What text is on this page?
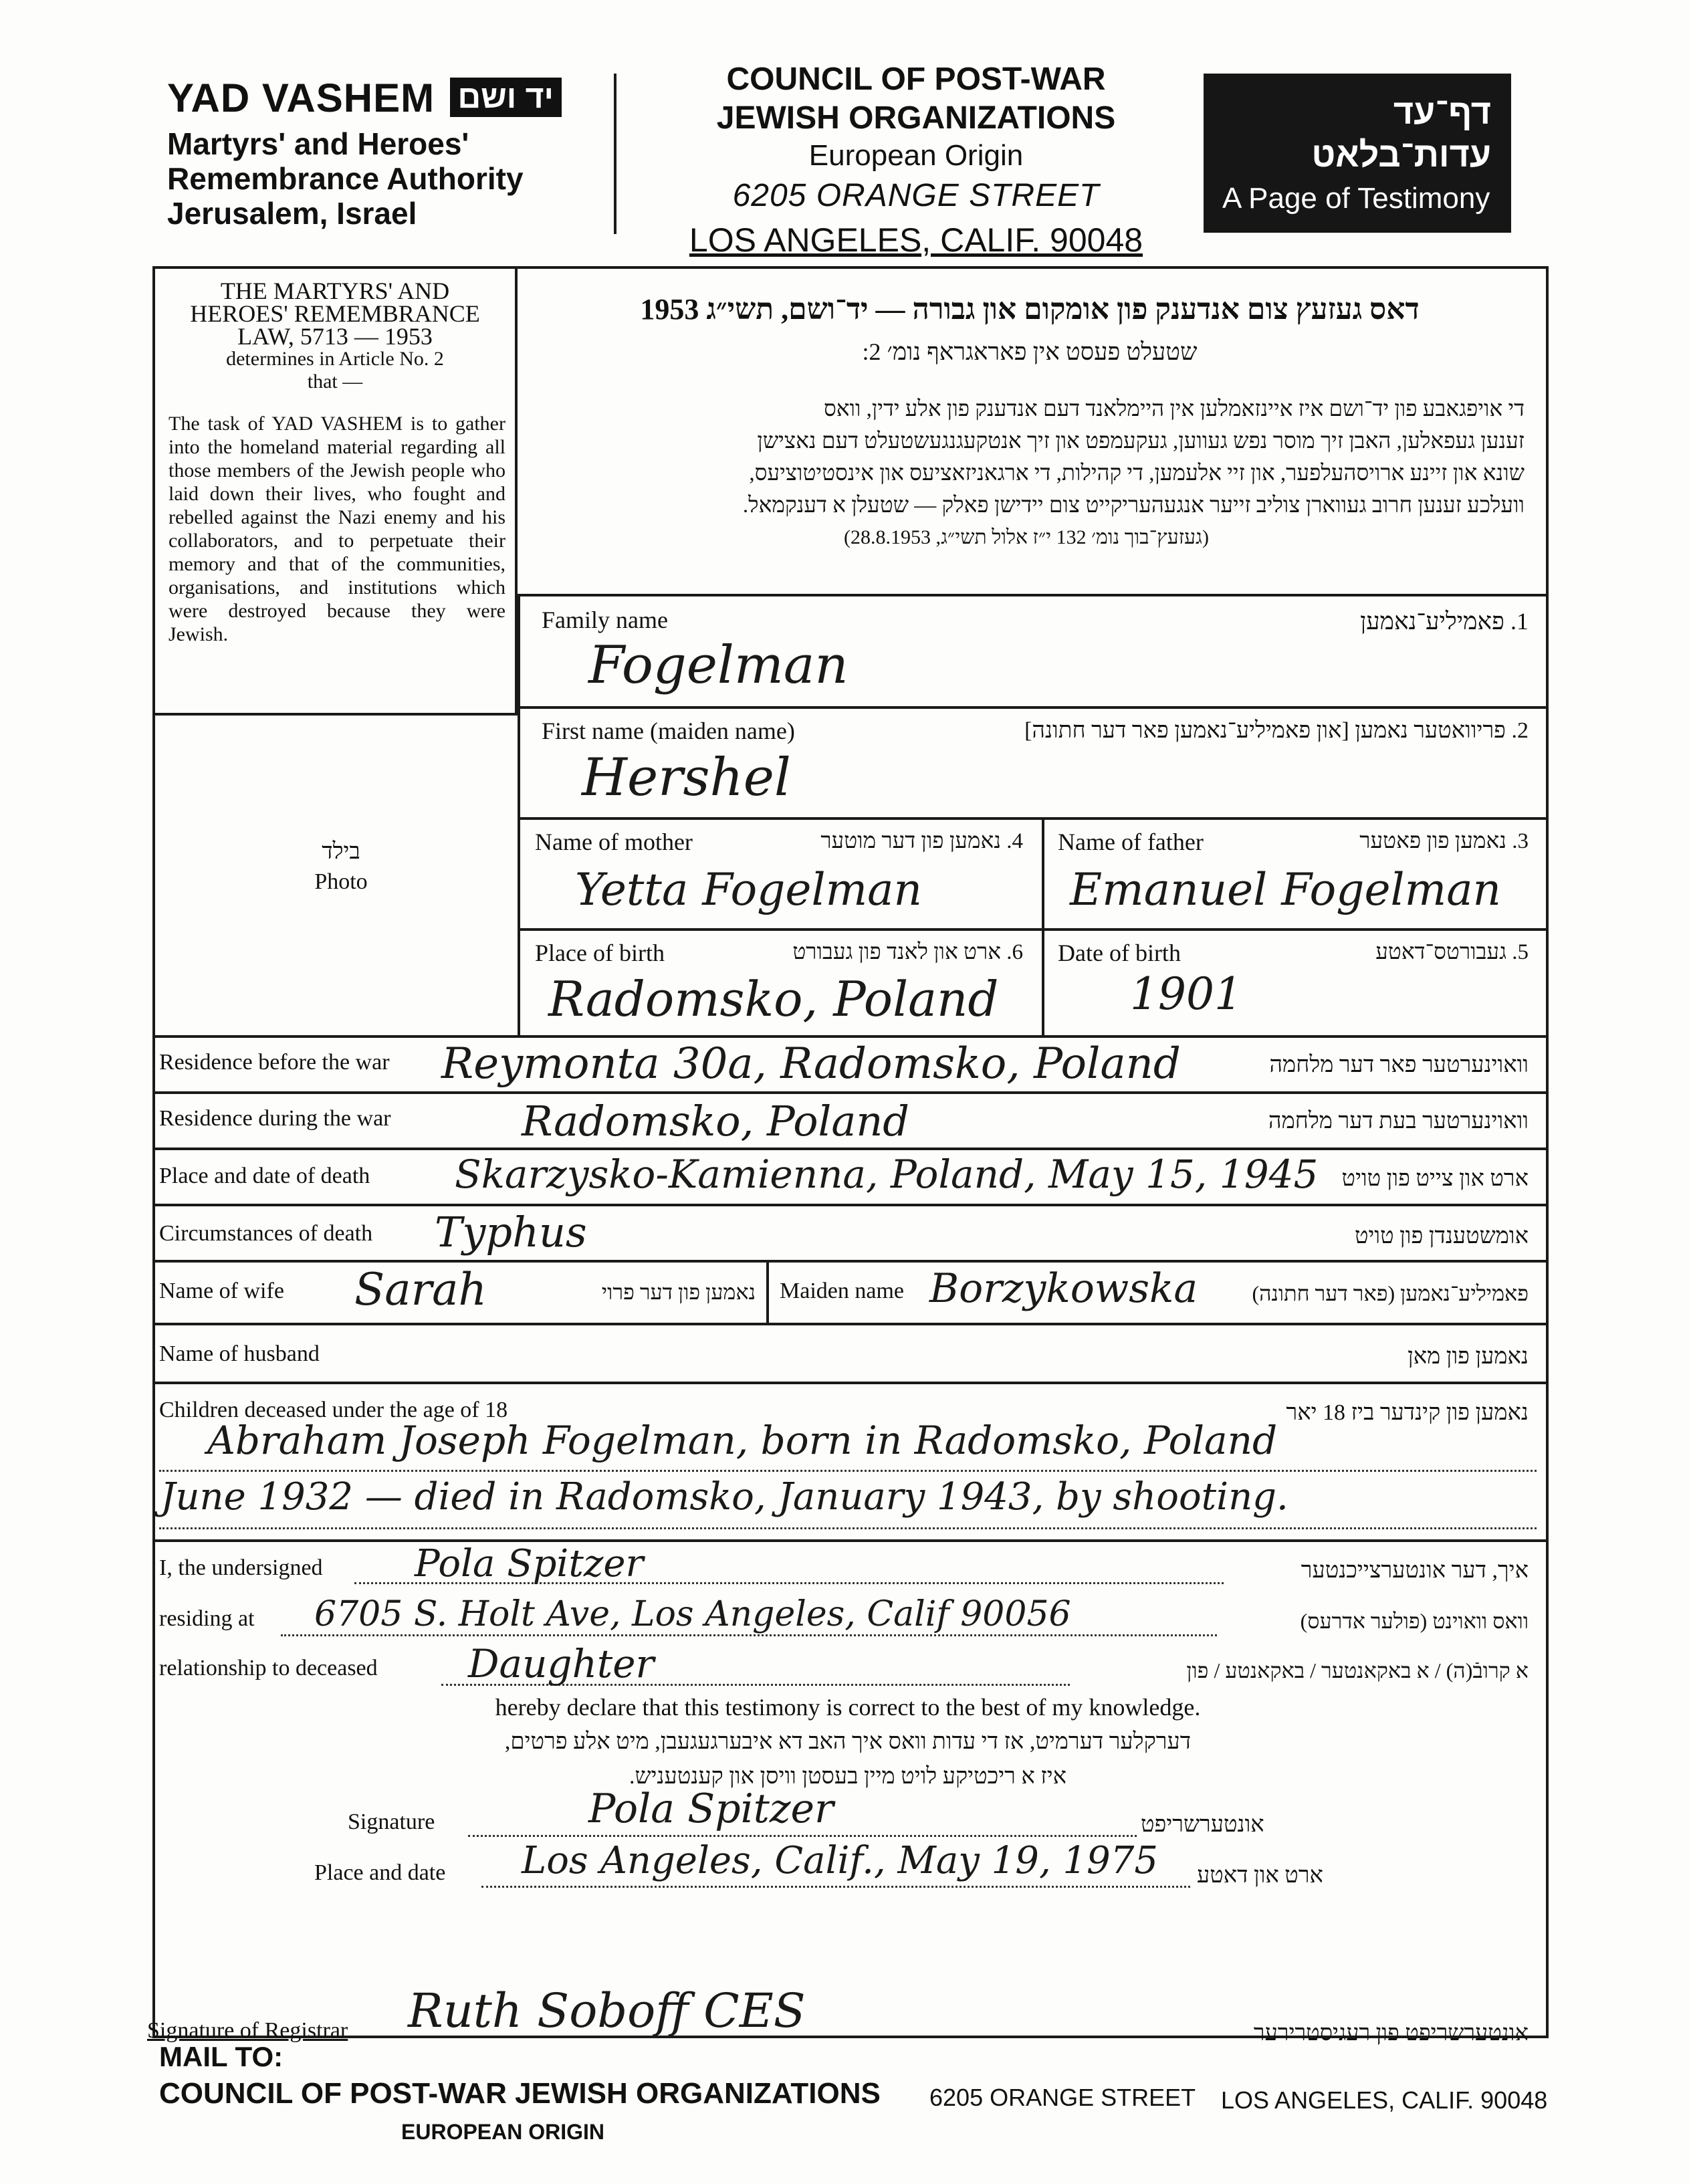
YAD VASHEM יד ושם
Martyrs' and Heroes'
Remembrance Authority
Jerusalem, Israel
COUNCIL OF POST-WAR
JEWISH ORGANIZATIONS
European Origin
6205 ORANGE STREET
LOS ANGELES, CALIF. 90048
דף־עד
עדות־בלאט
A Page of Testimony
THE MARTYRS' AND
HEROES' REMEMBRANCE
LAW, 5713 — 1953
determines in Article No. 2
that —
The task of YAD VASHEM is to gather into the homeland material regarding all those members of the Jewish people who laid down their lives, who fought and rebelled against the Nazi enemy and his collaborators, and to perpetuate their memory and that of the communities, organisations, and institutions which were destroyed because they were Jewish.
בילד
Photo
דאס געזעץ צום אנדענק פון אומקום און גבורה — יד־ושם, תשי״ג 1953
שטעלט פעסט אין פאראגראף נומ׳ 2:
די אויפגאבע פון יד־ושם איז איינזאמלען אין היימלאנד דעם אנדענק פון אלע ידין, וואס
זענען געפאלען, האבן זיך מוסר נפש געווען, געקעמפט און זיך אנטקעגנגעשטעלט דעם נאצישן
שונא און זיינע ארויסהעלפער, און זיי אלעמען, די קהילות, די ארגאניזאציעס און אינסטיטוציעס,
וועלכע זענען חרוב געווארן צוליב זייער אנגעהעריקייט צום יידישן פאלק — שטעלן א דענקמאל.
(געזעץ־בוך נומ׳ 132 י״ז אלול תשי״ג, 28.8.1953)
Family name	1. פאמיליע־נאמען
Fogelman
First name (maiden name)	2. פריוואטער נאמען [און פאמיליע־נאמען פאר דער חתונה]
Hershel
Name of mother	4. נאמען פון דער מוטער
Yetta Fogelman
Name of father	3. נאמען פון פאטער
Emanuel Fogelman
Place of birth	6. ארט און לאנד פון געבורט
Radomsko, Poland
Date of birth	5. געבורטס־דאטע
1901
Residence before the war	וואוינערטער פאר דער מלחמה
Reymonta 30a, Radomsko, Poland
Residence during the war	וואוינערטער בעת דער מלחמה
Radomsko, Poland
Place and date of death	ארט און צייט פון טויט
Skarzysko-Kamienna, Poland, May 15, 1945
Circumstances of death	אומשטענדן פון טויט
Typhus
Name of wife	נאמען פון דער פרוי
Sarah	Maiden name	פאמיליע־נאמען (פאר דער חתונה)
Borzykowska
Name of husband	נאמען פון מאן
Children deceased under the age of 18	נאמען פון קינדער ביז 18 יאר
Abraham Joseph Fogelman, born in Radomsko, Poland
June 1932 — died in Radomsko, January 1943, by shooting.
I, the undersigned	איך, דער אונטערצייכנטער
Pola Spitzer
residing at	וואס וואוינט (פולער אדרעס)
6705 S. Holt Ave, Los Angeles, Calif 90056
relationship to deceased	א קרובֿ(ה) / א באקאנטער / באקאנטע / פון
Daughter
hereby declare that this testimony is correct to the best of my knowledge.
דערקלער דערמיט, אז די עדות וואס איך האב דא איבערגעגעבן, מיט אלע פרטים,
איז א ריכטיקע לויט מיין בעסטן וויסן און קענטעניש.
Signature	Pola Spitzer	אונטערשריפט
Place and date Los Angeles, Calif., May 19, 1975 ארט און דאטע
Signature of Registrar Ruth Soboff CES	אונטערשריפט פון רעגיסטרירער
MAIL TO:
COUNCIL OF POST-WAR JEWISH ORGANIZATIONS 6205 ORANGE STREET LOS ANGELES, CALIF. 90048
EUROPEAN ORIGIN
